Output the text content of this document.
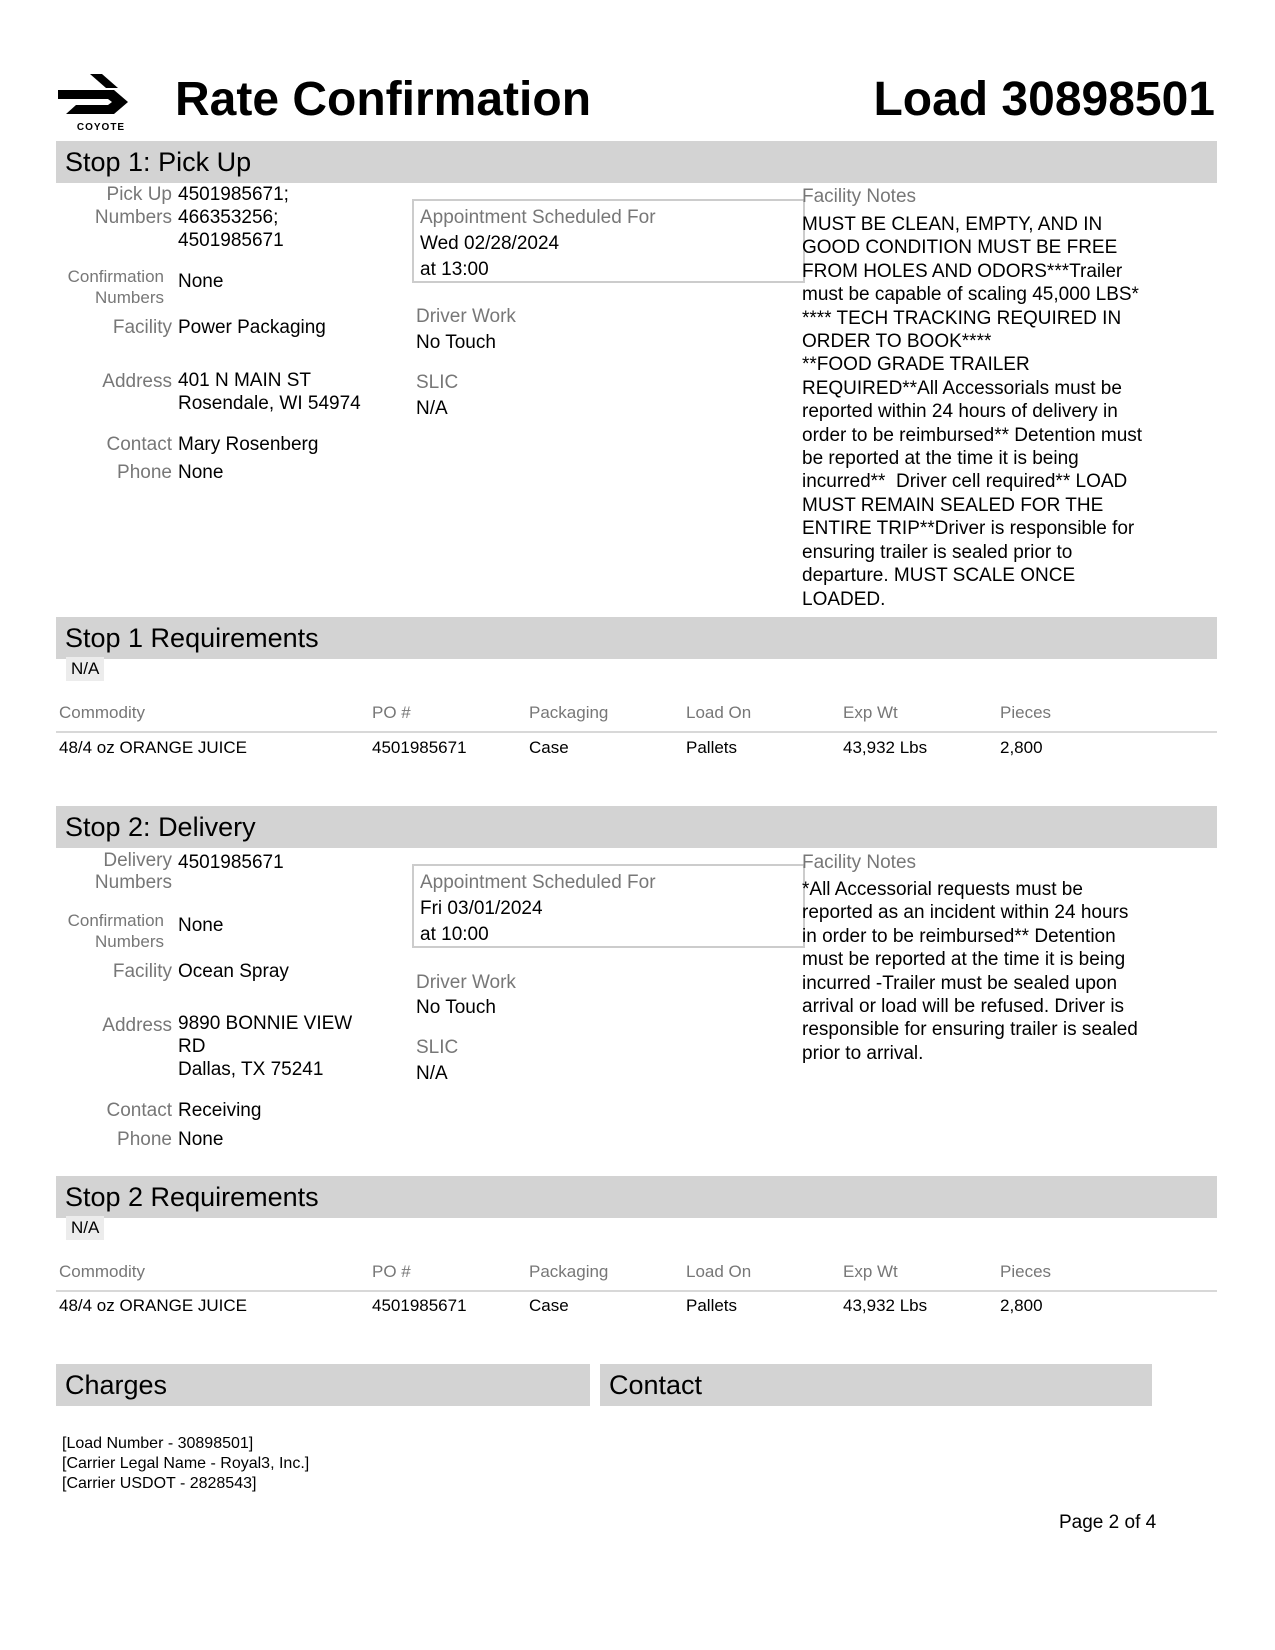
COYOTE
Rate Confirmation	Load 30898501
Stop 1: Pick Up
Pick Up
Numbers
4501985671;
466353256;
4501985671
Confirmation
Numbers
None
Facility Power Packaging
Address 401 N MAIN ST
Rosendale, WI 54974
Contact Mary Rosenberg
Phone None
Appointment Scheduled For
Wed 02/28/2024
at 13:00
Driver Work
No Touch
SLIC
N/A
Facility Notes
MUST BE CLEAN, EMPTY, AND IN
GOOD CONDITION MUST BE FREE
FROM HOLES AND ODORS***Trailer
must be capable of scaling 45,000 LBS*
**** TECH TRACKING REQUIRED IN
ORDER TO BOOK****
**FOOD GRADE TRAILER
REQUIRED**All Accessorials must be
reported within 24 hours of delivery in
order to be reimbursed** Detention must
be reported at the time it is being
incurred**  Driver cell required** LOAD
MUST REMAIN SEALED FOR THE
ENTIRE TRIP**Driver is responsible for
ensuring trailer is sealed prior to
departure. MUST SCALE ONCE
LOADED.
Stop 1 Requirements
N/A
Commodity	PO #	Packaging	Load On	Exp Wt	Pieces
48/4 oz ORANGE JUICE	4501985671	Case	Pallets	43,932 Lbs	2,800
Stop 2: Delivery
Delivery
Numbers
4501985671
Confirmation
Numbers
None
Facility Ocean Spray
Address 9890 BONNIE VIEW
RD
Dallas, TX 75241
Contact Receiving
Phone None
Appointment Scheduled For
Fri 03/01/2024
at 10:00
Driver Work
No Touch
SLIC
N/A
Facility Notes
*All Accessorial requests must be
reported as an incident within 24 hours
in order to be reimbursed** Detention
must be reported at the time it is being
incurred -Trailer must be sealed upon
arrival or load will be refused. Driver is
responsible for ensuring trailer is sealed
prior to arrival.
Stop 2 Requirements
N/A
Commodity	PO #	Packaging	Load On	Exp Wt	Pieces
48/4 oz ORANGE JUICE	4501985671	Case	Pallets	43,932 Lbs	2,800
Charges	Contact
[Load Number - 30898501]
[Carrier Legal Name - Royal3, Inc.]
[Carrier USDOT - 2828543]
Page 2 of 4
